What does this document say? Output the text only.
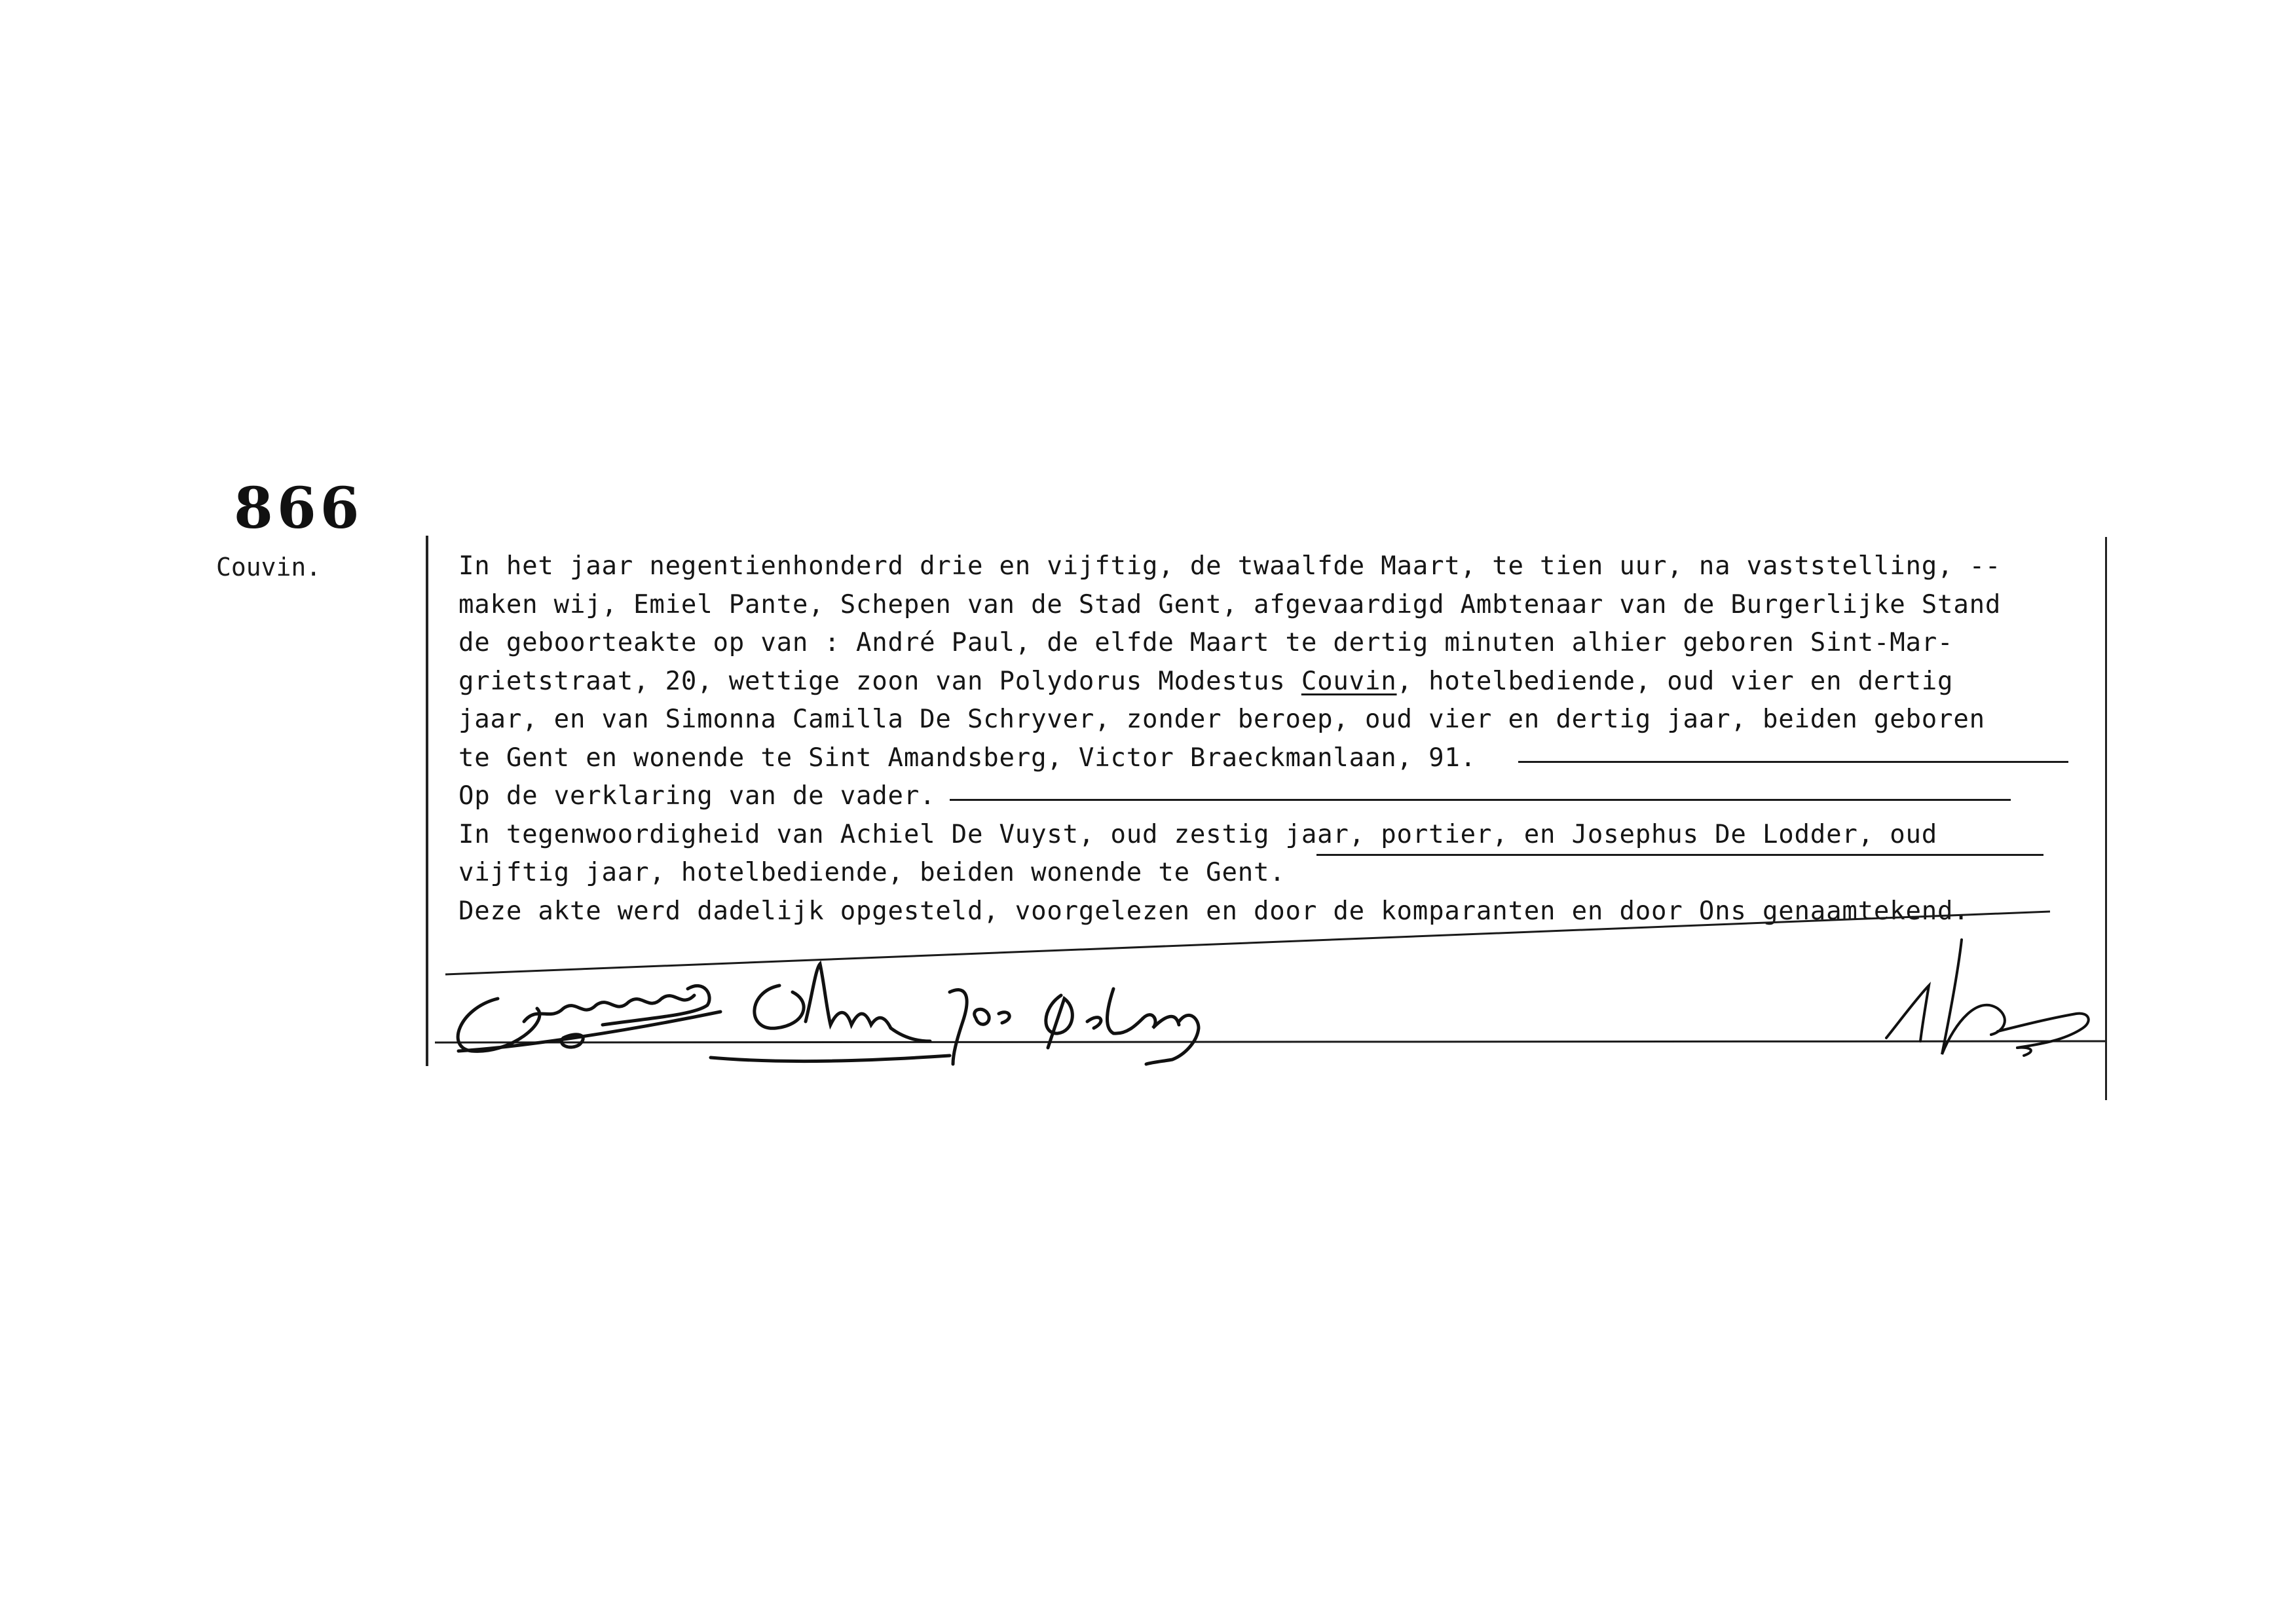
866
Couvin.	In het jaar negentienhonderd drie en vijftig, de twaalfde Maart, te tien uur, na vaststelling, --
maken wij, Emiel Pante, Schepen van de Stad Gent, afgevaardigd Ambtenaar van de Burgerlijke Stand
de geboorteakte op van : André Paul, de elfde Maart te dertig minuten alhier geboren Sint-Mar-
grietstraat, 20, wettige zoon van Polydorus Modestus Couvin, hotelbediende, oud vier en dertig
jaar, en van Simonna Camilla De Schryver, zonder beroep, oud vier en dertig jaar, beiden geboren
te Gent en wonende te Sint Amandsberg, Victor Braeckmanlaan, 91.
Op de verklaring van de vader.
In tegenwoordigheid van Achiel De Vuyst, oud zestig jaar, portier, en Josephus De Lodder, oud
vijftig jaar, hotelbediende, beiden wonende te Gent.
Deze akte werd dadelijk opgesteld, voorgelezen en door de komparanten en door Ons genaamtekend.
